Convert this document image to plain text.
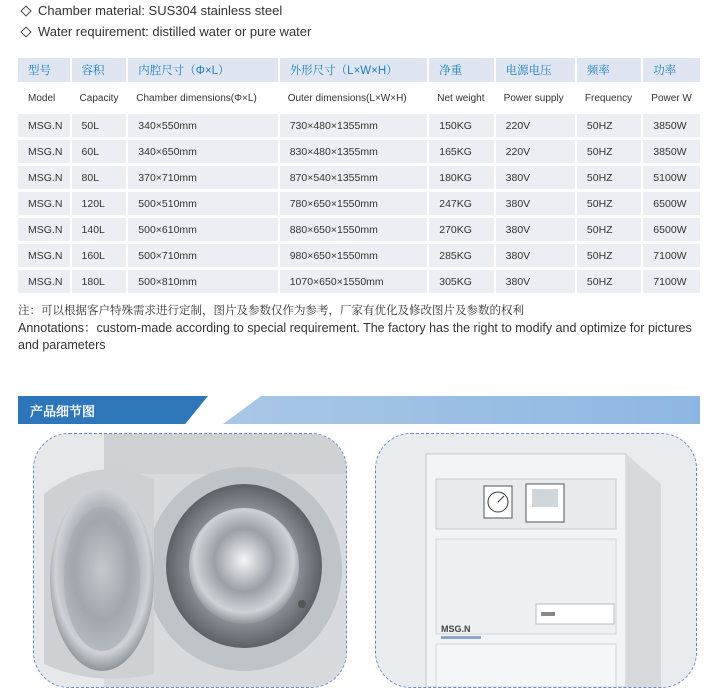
Chamber material: SUS304 stainless steel
Water requirement: distilled water or pure water
型号	容积	内腔尺寸（Φ×L）	外形尺寸（L×W×H）	净重	电源电压	频率	功率
Model	Capacity	Chamber dimensions(Φ×L)	Outer dimensions(L×W×H)	Net weight	Power supply	Frequency	Power W
MSG.N	50L	340×550mm	730×480×1355mm	150KG	220V	50HZ	3850W
MSG.N	60L	340×650mm	830×480×1355mm	165KG	220V	50HZ	3850W
MSG.N	80L	370×710mm	870×540×1355mm	180KG	380V	50HZ	5100W
MSG.N	120L	500×510mm	780×650×1550mm	247KG	380V	50HZ	6500W
MSG.N	140L	500×610mm	880×650×1550mm	270KG	380V	50HZ	6500W
MSG.N	160L	500×710mm	980×650×1550mm	285KG	380V	50HZ	7100W
MSG.N	180L	500×810mm	1070×650×1550mm	305KG	380V	50HZ	7100W
注：可以根据客户特殊需求进行定制，图片及参数仅作为参考，厂家有优化及修改图片及参数的权利
Annotations：custom-made according to special requirement. The factory has the right to modify and optimize for pictures and parameters
产品细节图
MSG.N
